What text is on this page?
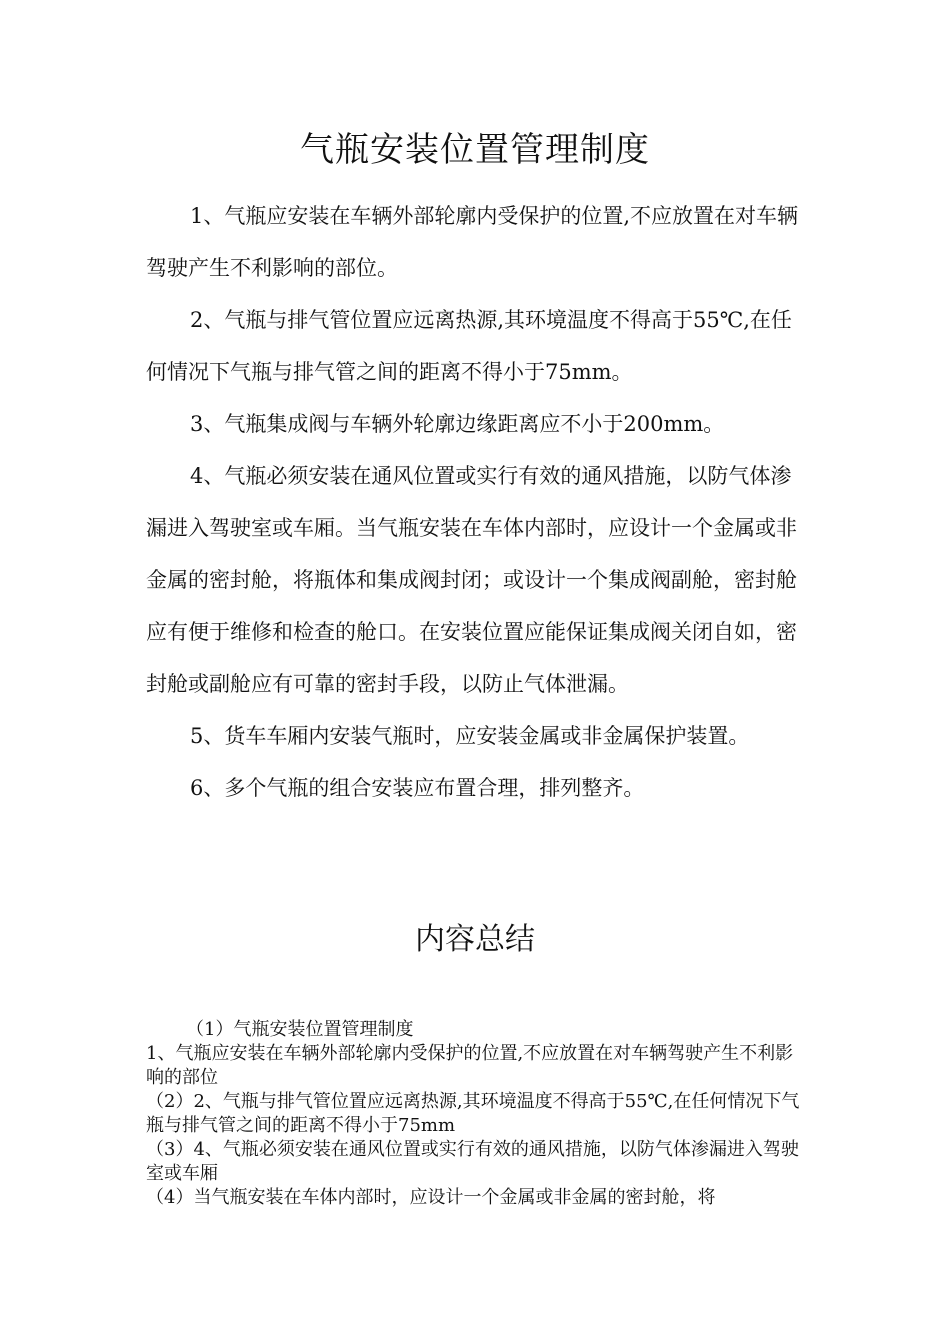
气瓶安装位置管理制度

1、气瓶应安装在车辆外部轮廓内受保护的位置,不应放置在对车辆驾驶产生不利影响的部位。

2、气瓶与排气管位置应远离热源,其环境温度不得高于55℃,在任何情况下气瓶与排气管之间的距离不得小于75mm。

3、气瓶集成阀与车辆外轮廓边缘距离应不小于200mm。

4、气瓶必须安装在通风位置或实行有效的通风措施，以防气体渗漏进入驾驶室或车厢。当气瓶安装在车体内部时，应设计一个金属或非金属的密封舱，将瓶体和集成阀封闭；或设计一个集成阀副舱，密封舱应有便于维修和检查的舱口。在安装位置应能保证集成阀关闭自如，密封舱或副舱应有可靠的密封手段，以防止气体泄漏。

5、货车车厢内安装气瓶时，应安装金属或非金属保护装置。

6、多个气瓶的组合安装应布置合理，排列整齐。

内容总结

（1）气瓶安装位置管理制度

1、气瓶应安装在车辆外部轮廓内受保护的位置,不应放置在对车辆驾驶产生不利影响的部位

（2）2、气瓶与排气管位置应远离热源,其环境温度不得高于55℃,在任何情况下气瓶与排气管之间的距离不得小于75mm

（3）4、气瓶必须安装在通风位置或实行有效的通风措施，以防气体渗漏进入驾驶室或车厢

（4）当气瓶安装在车体内部时，应设计一个金属或非金属的密封舱，将
